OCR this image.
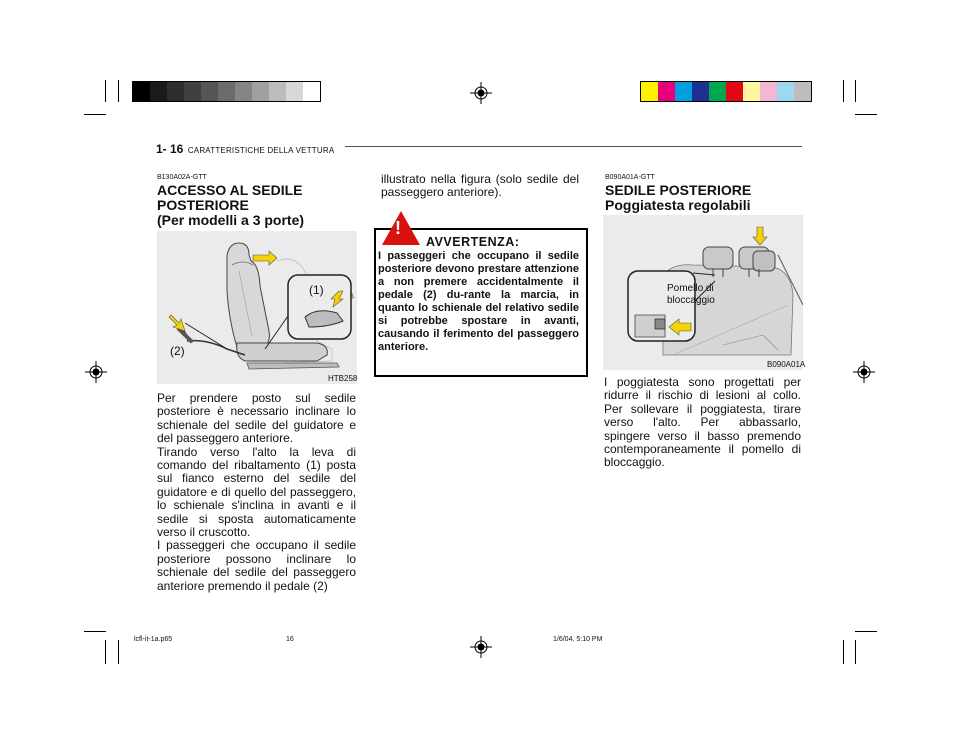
1- 16 CARATTERISTICHE DELLA VETTURA
B130A02A-GTT
ACCESSO AL SEDILE
POSTERIORE
(Per modelli a 3 porte)
(1)
(2)
HTB258
Per prendere posto sul sedile posteriore è necessario inclinare lo schienale del sedile del guidatore e del passeggero anteriore.
Tirando verso l'alto la leva di comando del ribaltamento (1) posta sul fianco esterno del sedile del guidatore e di quello del passeggero, lo schienale s'inclina in avanti e il sedile si sposta automaticamente verso il cruscotto.
I passeggeri che occupano il sedile posteriore possono inclinare lo schienale del sedile del passeggero anteriore premendo il pedale (2)
illustrato nella figura (solo sedile del passeggero anteriore).
!
AVVERTENZA:
I passeggeri che occupano il sedile posteriore devono prestare attenzione a non premere accidentalmente il pedale (2) du-rante la marcia, in quanto lo schienale del relativo sedile si potrebbe spostare in avanti, causando il ferimento del passeggero anteriore.
B090A01A-GTT
SEDILE POSTERIORE
Poggiatesta regolabili
Pomello di
bloccaggio
B090A01A
I poggiatesta sono progettati per ridurre il rischio di lesioni al collo. Per sollevare il poggiatesta, tirare verso l'alto. Per abbassarlo, spingere verso il basso premendo contemporaneamente il pomello di bloccaggio.
lcfl-it-1a.p65	16	1/6/04, 5:10 PM
